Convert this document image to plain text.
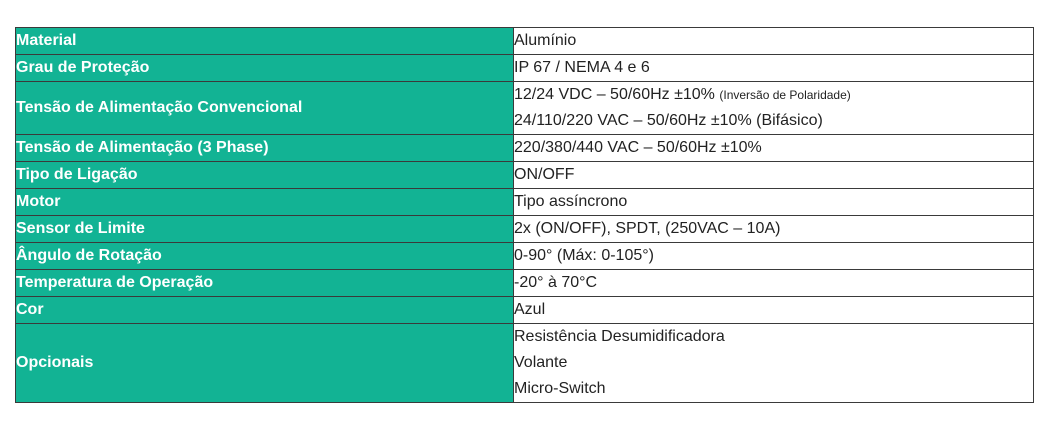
Material	Alumínio
Grau de Proteção	IP 67 / NEMA 4 e 6
Tensão de Alimentação Convencional	12/24 VDC – 50/60Hz ±10% (Inversão de Polaridade)
24/110/220 VAC – 50/60Hz ±10% (Bifásico)

Tensão de Alimentação (3 Phase)	220/380/440 VAC – 50/60Hz ±10%
Tipo de Ligação	ON/OFF
Motor	Tipo assíncrono
Sensor de Limite	2x (ON/OFF), SPDT, (250VAC – 10A)
Ângulo de Rotação	0-90° (Máx: 0-105°)
Temperatura de Operação	-20° à 70°C
Cor	Azul
Opcionais	Resistência Desumidificadora
Volante
Micro-Switch
